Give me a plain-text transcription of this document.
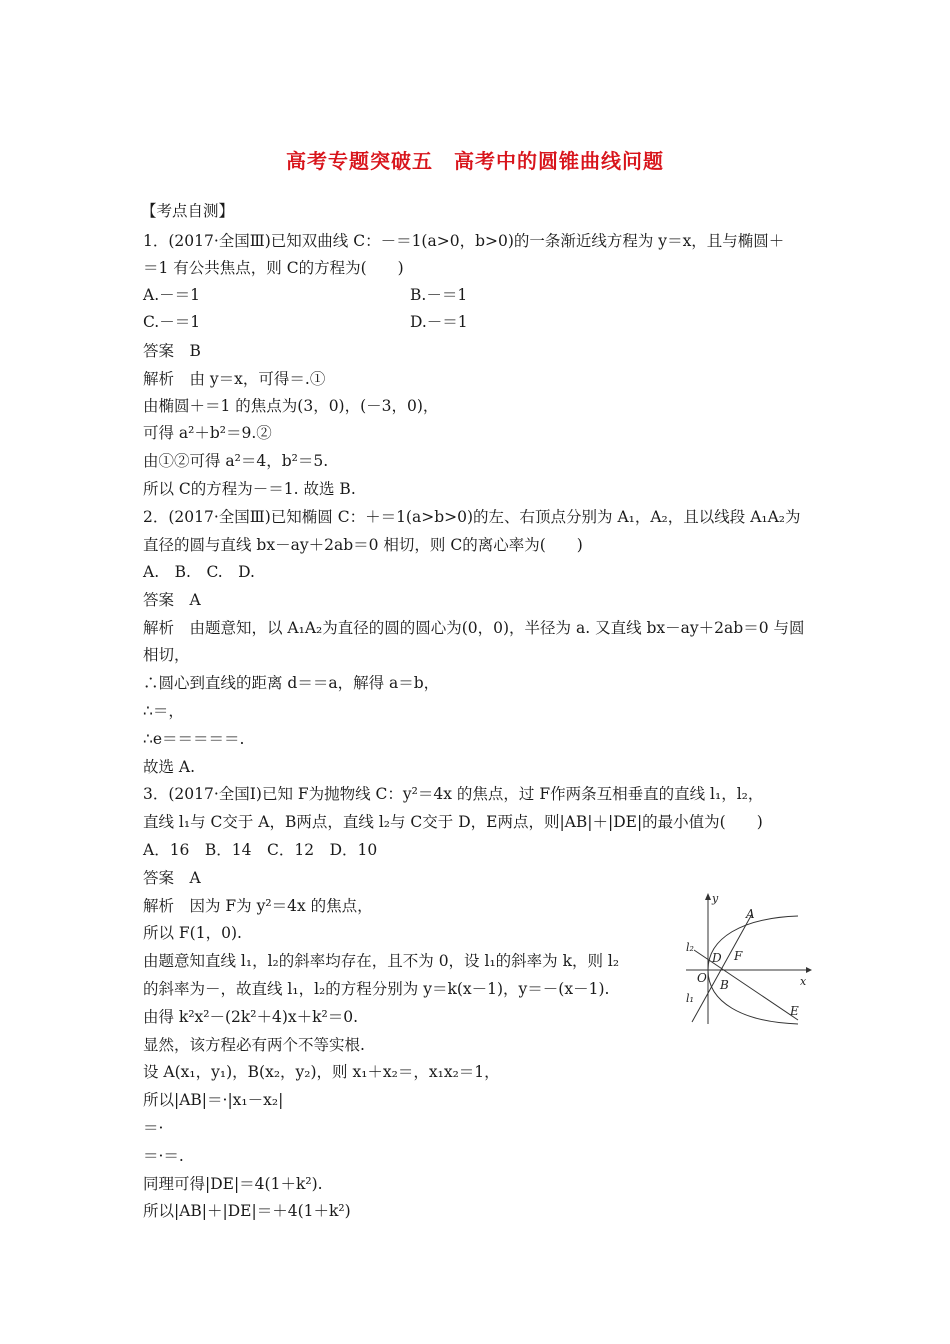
高考专题突破五　高考中的圆锥曲线问题
【考点自测】
1．(2017·全国Ⅲ)已知双曲线 C：－＝1(a>0，b>0)的一条渐近线方程为 y＝x，且与椭圆＋
＝1 有公共焦点，则 C的方程为(　　)
A.－＝1	B.－＝1
C.－＝1	D.－＝1
答案　B
解析　由 y＝x，可得＝.①
由椭圆＋＝1 的焦点为(3，0)，(－3，0)，
可得 a²＋b²＝9.②
由①②可得 a²＝4，b²＝5.
所以 C的方程为－＝1. 故选 B.
2．(2017·全国Ⅲ)已知椭圆 C：＋＝1(a>b>0)的左、右顶点分别为 A₁，A₂，且以线段 A₁A₂为
直径的圆与直线 bx－ay＋2ab＝0 相切，则 C的离心率为(　　)
A.　B.　C.　D.
答案　A
解析　由题意知，以 A₁A₂为直径的圆的圆心为(0，0)，半径为 a. 又直线 bx－ay＋2ab＝0 与圆
相切，
∴圆心到直线的距离 d＝＝a，解得 a＝b，
∴＝，
∴e＝＝＝＝＝.
故选 A.
3．(2017·全国Ⅰ)已知 F为抛物线 C：y²＝4x 的焦点，过 F作两条互相垂直的直线 l₁，l₂，
直线 l₁与 C交于 A，B两点，直线 l₂与 C交于 D，E两点，则|AB|＋|DE|的最小值为(　　)
A．16　B．14　C．12　D．10
答案　A
解析　因为 F为 y²＝4x 的焦点，
所以 F(1，0).
由题意知直线 l₁，l₂的斜率均存在，且不为 0，设 l₁的斜率为 k，则 l₂
的斜率为－，故直线 l₁，l₂的方程分别为 y＝k(x－1)，y＝－(x－1).
由得 k²x²－(2k²＋4)x＋k²＝0.
显然，该方程必有两个不等实根.
设 A(x₁，y₁)，B(x₂，y₂)，则 x₁＋x₂＝，x₁x₂＝1，
所以|AB|＝·|x₁－x₂|
＝·
＝·＝.
同理可得|DE|＝4(1＋k²).
所以|AB|＋|DE|＝＋4(1＋k²)
y
x
O
A
B
D
E
F
l₂
l₁
